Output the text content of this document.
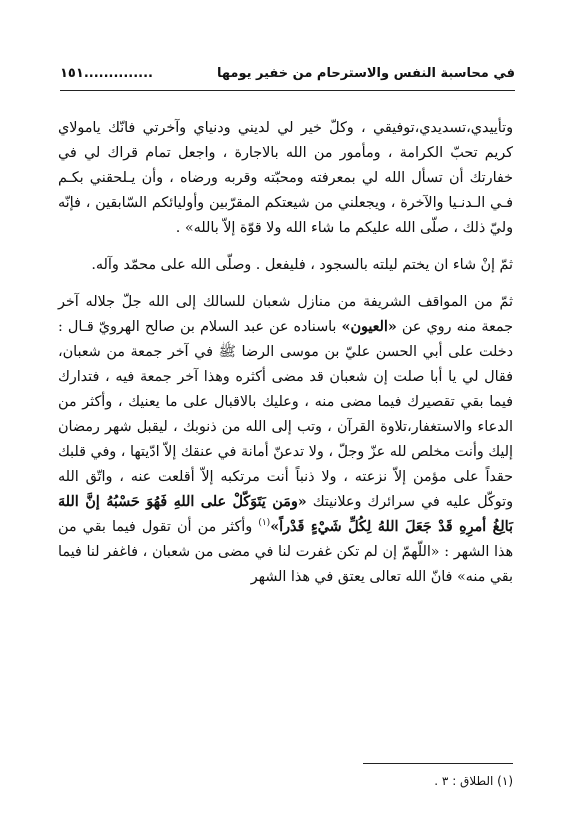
في محاسبة النفس والاسترحام من خفير يومها
..............١٥١

وتأييدي،تسديدي،توفيقي ، وكلّ خير لي لديني ودنياي وآخرتي فانّك يامولاي كريم تحبّ الكرامة ، ومأمور من الله بالاجارة ، واجعل تمام قراك لي في خفارتك أن تسأل الله لي بمعرفته ومحبّته وقربه ورضاه ، وأن يـلحقني بكـم فـي الـدنـيا والآخرة ، ويجعلني من شيعتكم المقرّبين وأوليائكم السّابقين ، فإنّه وليّ ذلك ، صلّى الله عليكم ما شاء الله ولا قوّة إلاّ بالله» .

ثمّ إنْ شاء ان يختم ليلته بالسجود ، فليفعل . وصلّى الله على محمّد وآله.

ثمّ من المواقف الشريفة من منازل شعبان للسالك إلى الله جلّ جلاله آخر جمعة منه روي عن «العيون» باسناده عن عبد السلام بن صالح الهرويّ قـال : دخلت على أبي الحسن عليّ بن موسى الرضا ﷺ في آخر جمعة من شعبان، فقال لي يا أبا صلت إن شعبان قد مضى أكثره وهذا آخر جمعة فيه ، فتدارك فيما بقي تقصيرك فيما مضى منه ، وعليك بالاقبال على ما يعنيك ، وأكثر من الدعاء والاستغفار،تلاوة القرآن ، وتب إلى الله من ذنوبك ، ليقبل شهر رمضان إليك وأنت مخلص لله عزّ وجلّ ، ولا تدعنّ أمانة في عنقك إلاّ ادّيتها ، وفي قلبك حقداً على مؤمن إلاّ نزعته ، ولا ذنباً أنت مرتكبه إلاّ أقلعت عنه ، واتّق الله وتوكّل عليه في سرائرك وعلانيتك «ومَن يَتَوَكّلْ على اللهِ فَهُوَ حَسْبُهُ إنَّ اللهَ بَالِغُ أمرِهِ قَدْ جَعَلَ اللهُ لِكُلِّ شَيْءٍ قَدْراً»$^{(١)}$ وأكثر من أن تقول فيما بقي من هذا الشهر : «اللّهمّ إن لم تكن غفرت لنا في مضى من شعبان ، فاغفر لنا فيما بقي منه» فانّ الله تعالى يعتق في هذا الشهر

(١) الطلاق : ٣ .
